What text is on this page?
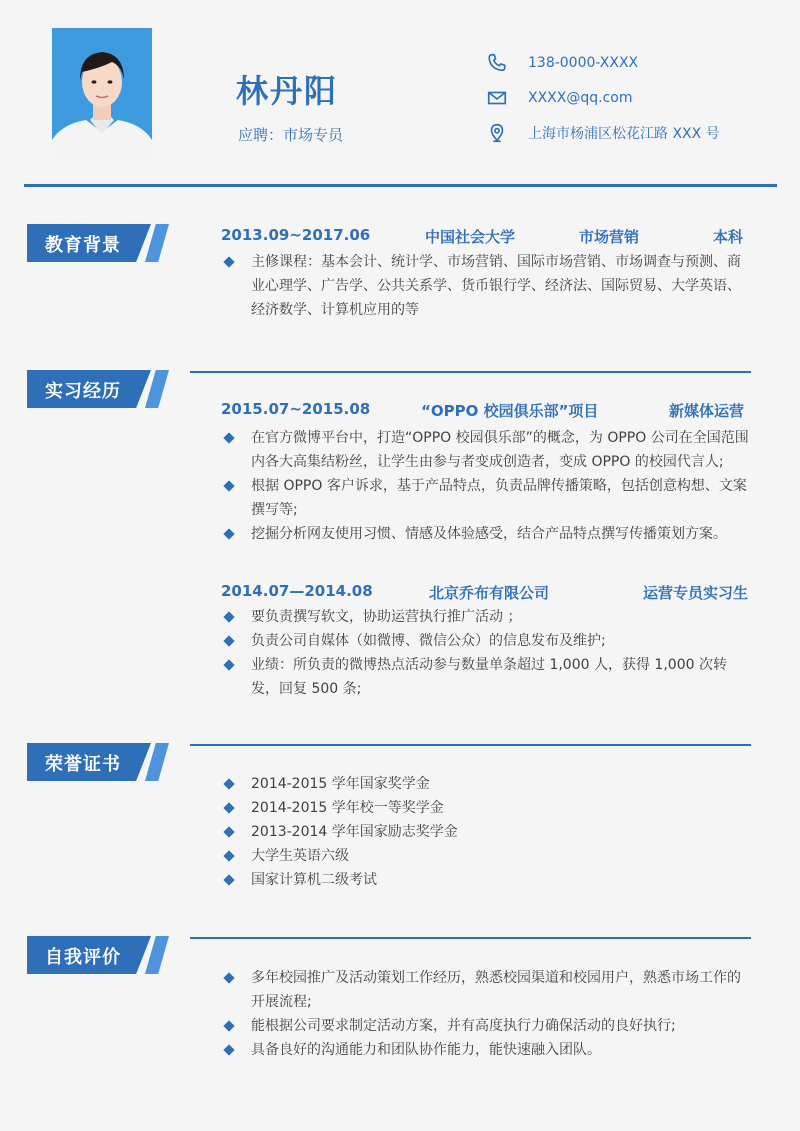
林丹阳
应聘：市场专员
138-0000-XXXX
XXXX@qq.com
上海市杨浦区松花江路 XXX 号
教育背景	2013.09~2017.06	中国社会大学	市场营销	本科
主修课程：基本会计、统计学、市场营销、国际市场营销、市场调查与预测、商业心理学、广告学、公共关系学、货币银行学、经济法、国际贸易、大学英语、经济数学、计算机应用的等
实习经历
2015.07~2015.08	“OPPO 校园俱乐部”项目	新媒体运营
在官方微博平台中，打造“OPPO 校园俱乐部”的概念，为 OPPO 公司在全国范围内各大高集结粉丝，让学生由参与者变成创造者，变成 OPPO 的校园代言人;
根据 OPPO 客户诉求，基于产品特点，负责品牌传播策略，包括创意构想、文案撰写等;
挖掘分析网友使用习惯、情感及体验感受，结合产品特点撰写传播策划方案。
2014.07—2014.08	北京乔布有限公司	运营专员实习生
要负责撰写软文，协助运营执行推广活动 ；
负责公司自媒体（如微博、微信公众）的信息发布及维护;
业绩：所负责的微博热点活动参与数量单条超过 1,000 人，获得 1,000 次转发，回复 500 条;
荣誉证书
2014-2015 学年国家奖学金
2014-2015 学年校一等奖学金
2013-2014 学年国家励志奖学金
大学生英语六级
国家计算机二级考试
自我评价
多年校园推广及活动策划工作经历，熟悉校园渠道和校园用户，熟悉市场工作的开展流程;
能根据公司要求制定活动方案，并有高度执行力确保活动的良好执行;
具备良好的沟通能力和团队协作能力，能快速融入团队。
